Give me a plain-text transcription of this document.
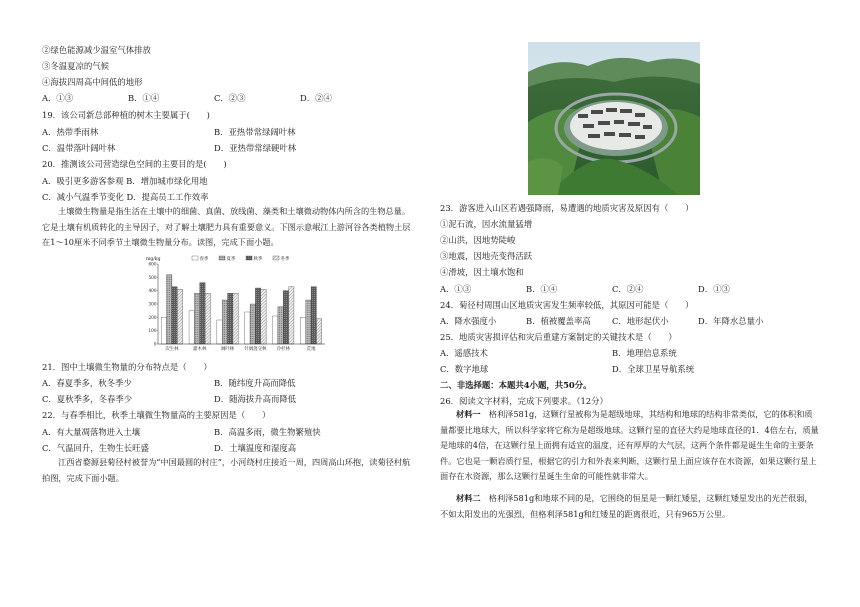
②绿色能源减少温室气体排放
③冬温夏凉的气候
④海拔四周高中间低的地形
A．①③	B．①④	C．②③	D．②④
19．该公司新总部种植的树木主要属于(　　)
A．热带季雨林	B．亚热带常绿阔叶林
C．温带落叶阔叶林	D．亚热带常绿硬叶林
20．推测该公司营造绿色空间的主要目的是(　　)
A．吸引更多游客参观 B．增加城市绿化用地
C．减小气温季节变化 D．提高员工工作效率
土壤微生物量是指生活在土壤中的细菌、真菌、放线菌、藻类和土壤微动物体内所含的生物总量。它是土壤有机质转化的主导因子，对了解土壤肥力具有重要意义。下图示意岷江上游河谷各类植物土层在1～10厘米不同季节土壤微生物量分布。读图，完成下面小题。
mg/kg
600
500
400
300
200
100
0
春季	夏季	秋季	冬季
次生林	灌木林	阔叶林 针阔混交林 冷杉林	荒地
21．图中土壤微生物量的分布特点是（　　）
A．春夏季多，秋冬季少	B．随纬度升高而降低
C．夏秋季多，冬春季少	D．随海拔升高而降低
22．与春季相比，秋季土壤微生物量高的主要原因是（　　）
A．有大量凋落物进入土壤	B．高温多雨，微生物繁殖快
C．气温回升，生物生长旺盛	D．土壤温度和湿度高
江西省婺源县菊径村被誉为“中国最圆的村庄”，小河绕村庄接近一周，四周高山环抱，读菊径村航拍图，完成下面小题。
23．游客进入山区若遇强降雨，易遭遇的地质灾害及原因有（　　）
①泥石流，因水流量猛增
②山洪，因地势陡峻
③地震，因地壳变得活跃
④滑坡，因土壤水饱和
A．①③	B．①④	C．②④	D．①③
24．菊径村周围山区地质灾害发生频率较低，其原因可能是（　　）
A．降水强度小	B．植被覆盖率高	C．地形起伏小	D．年降水总量小
25．地质灾害损评估和灾后重建方案制定的关键技术是（　　）
A．遥感技术	B．地理信息系统
C．数字地球	D．全球卫星导航系统
二、非选择题：本题共4小题，共50分。
26．阅读文字材料，完成下列要求。（12分）
材料一　 格利泽581g，这颗行星被称为是超级地球，其结构和地球的结构非常类似，它的体积和质量都要比地球大，所以科学家将它称为是超级地球。这颗行星的直径大约是地球直径的1．4倍左右，质量是地球的4倍，在这颗行星上面拥有适宜的温度，还有厚厚的大气层，这两个条件都是诞生生命的主要条件。它也是一颗岩质行星，根据它的引力和外表来判断，这颗行星上面应该存在水资源，如果这颗行星上面存在水资源，那么这颗行星诞生生命的可能性就非常大。
材料二　 格利泽581g和地球不同的是，它围绕的恒星是一颗红矮星，这颗红矮星发出的光芒很弱，不如太阳发出的光强烈，但格利泽581g和红矮星的距离很近，只有965万公里。
